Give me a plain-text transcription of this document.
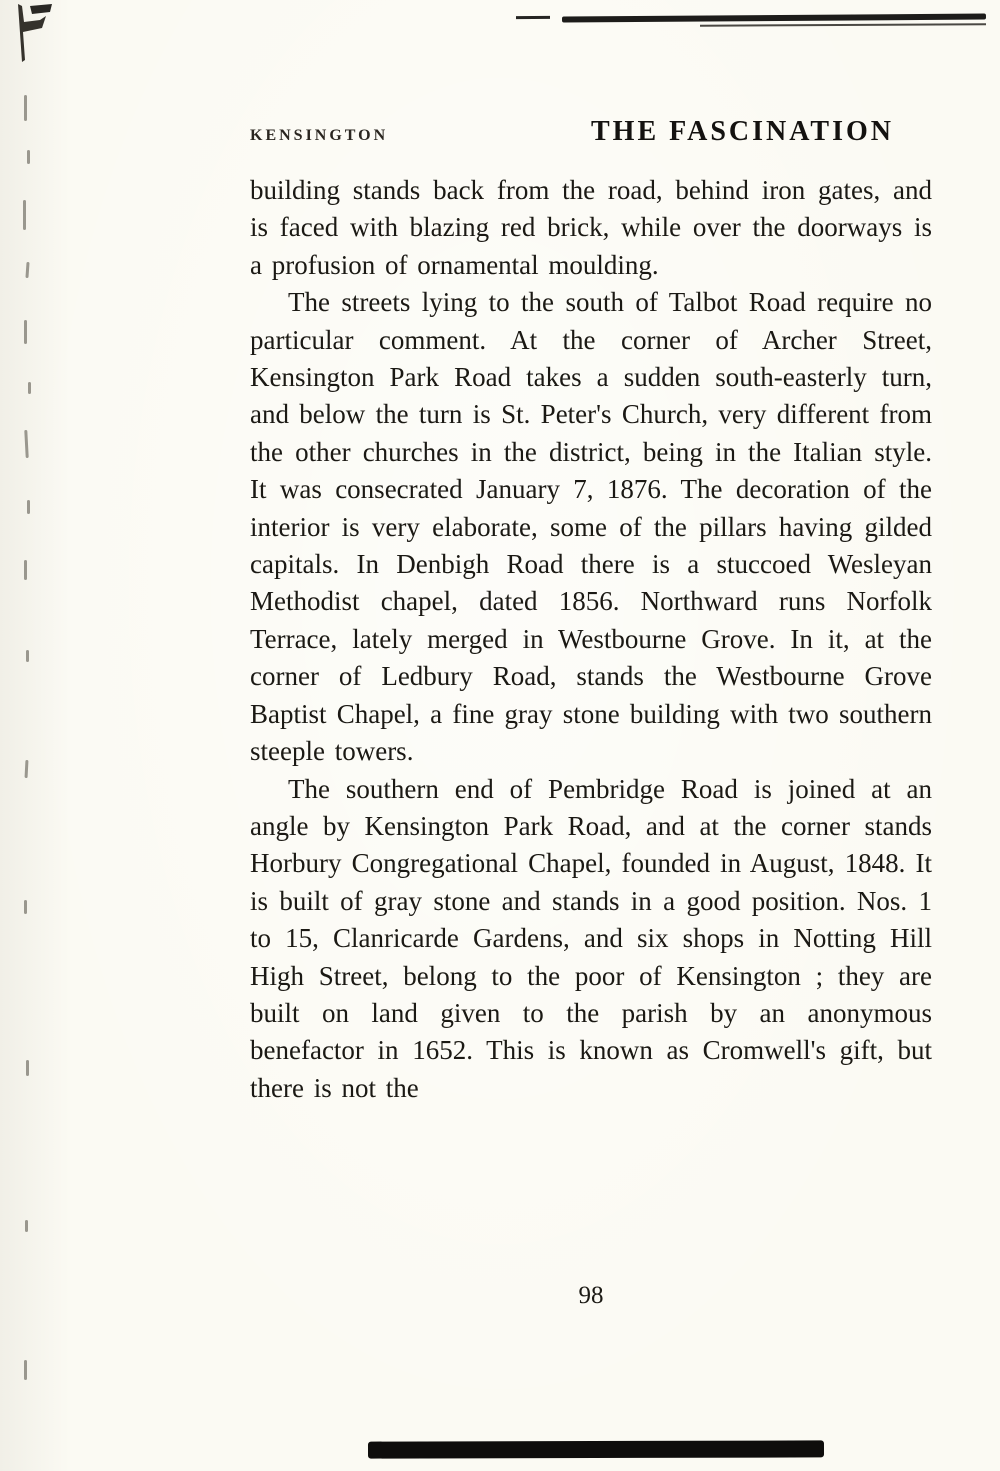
KENSINGTON	THE FASCINATION

building stands back from the road, behind iron gates, and is faced with blazing red brick, while over the doorways is a profusion of ornamental moulding.

The streets lying to the south of Talbot Road require no particular comment. At the corner of Archer Street, Kensington Park Road takes a sudden south-easterly turn, and below the turn is St. Peter's Church, very different from the other churches in the district, being in the Italian style. It was consecrated January 7, 1876. The decoration of the interior is very elaborate, some of the pillars having gilded capitals. In Denbigh Road there is a stuccoed Wesleyan Methodist chapel, dated 1856. Northward runs Norfolk Terrace, lately merged in Westbourne Grove. In it, at the corner of Ledbury Road, stands the Westbourne Grove Baptist Chapel, a fine gray stone building with two southern steeple towers.

The southern end of Pembridge Road is joined at an angle by Kensington Park Road, and at the corner stands Horbury Congregational Chapel, founded in August, 1848. It is built of gray stone and stands in a good position. Nos. 1 to 15, Clanricarde Gardens, and six shops in Notting Hill High Street, belong to the poor of Kensington ; they are built on land given to the parish by an anonymous benefactor in 1652. This is known as Cromwell's gift, but there is not the

98
